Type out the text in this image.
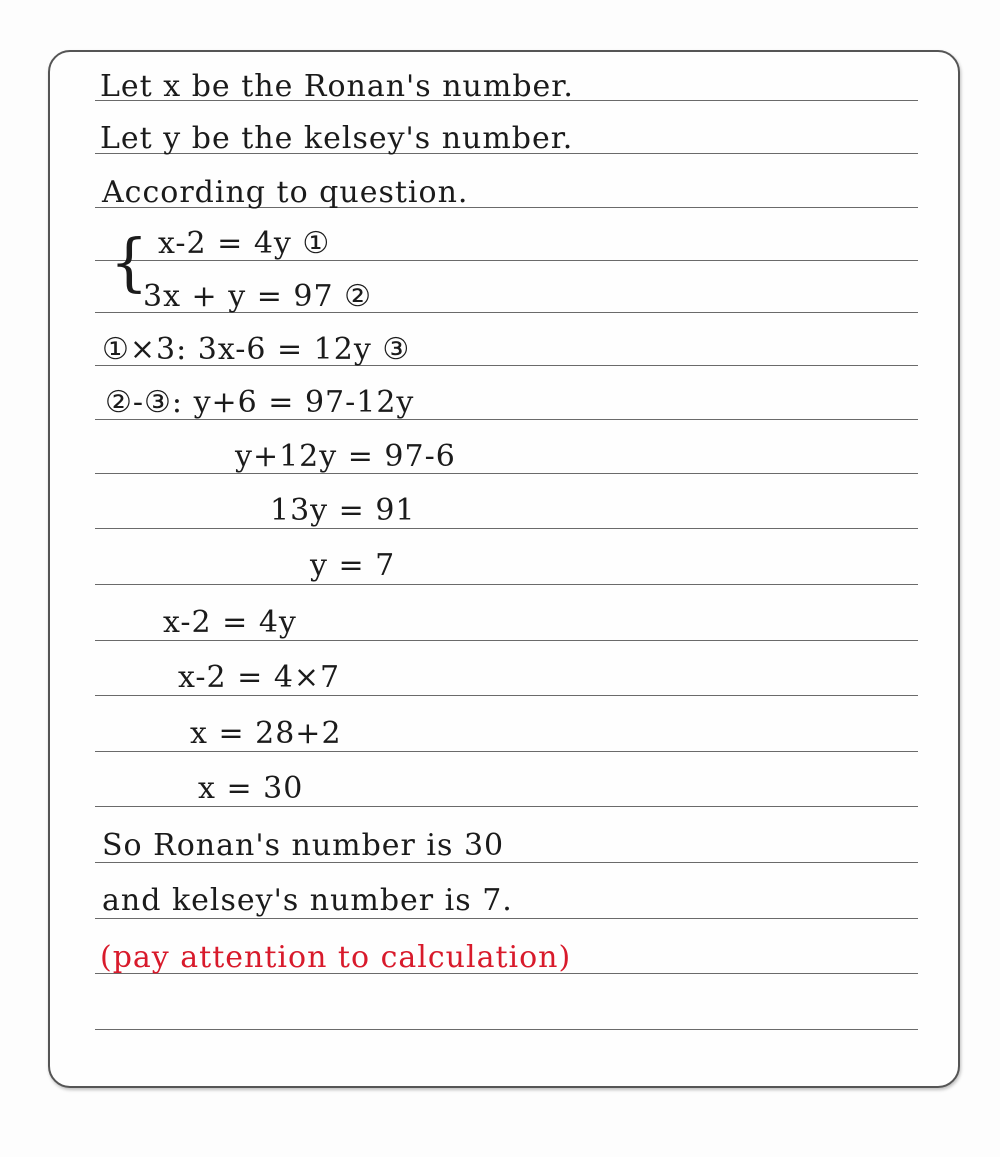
{
Let x be the Ronan's number.
Let y be the kelsey's number.
According to question.
x-2 = 4y ①
3x + y = 97 ②
①×3: 3x-6 = 12y ③
②-③: y+6 = 97-12y
y+12y = 97-6
13y = 91
y = 7
x-2 = 4y
x-2 = 4×7
x = 28+2
x = 30
So Ronan's number is 30
and kelsey's number is 7.
(pay attention to calculation)
